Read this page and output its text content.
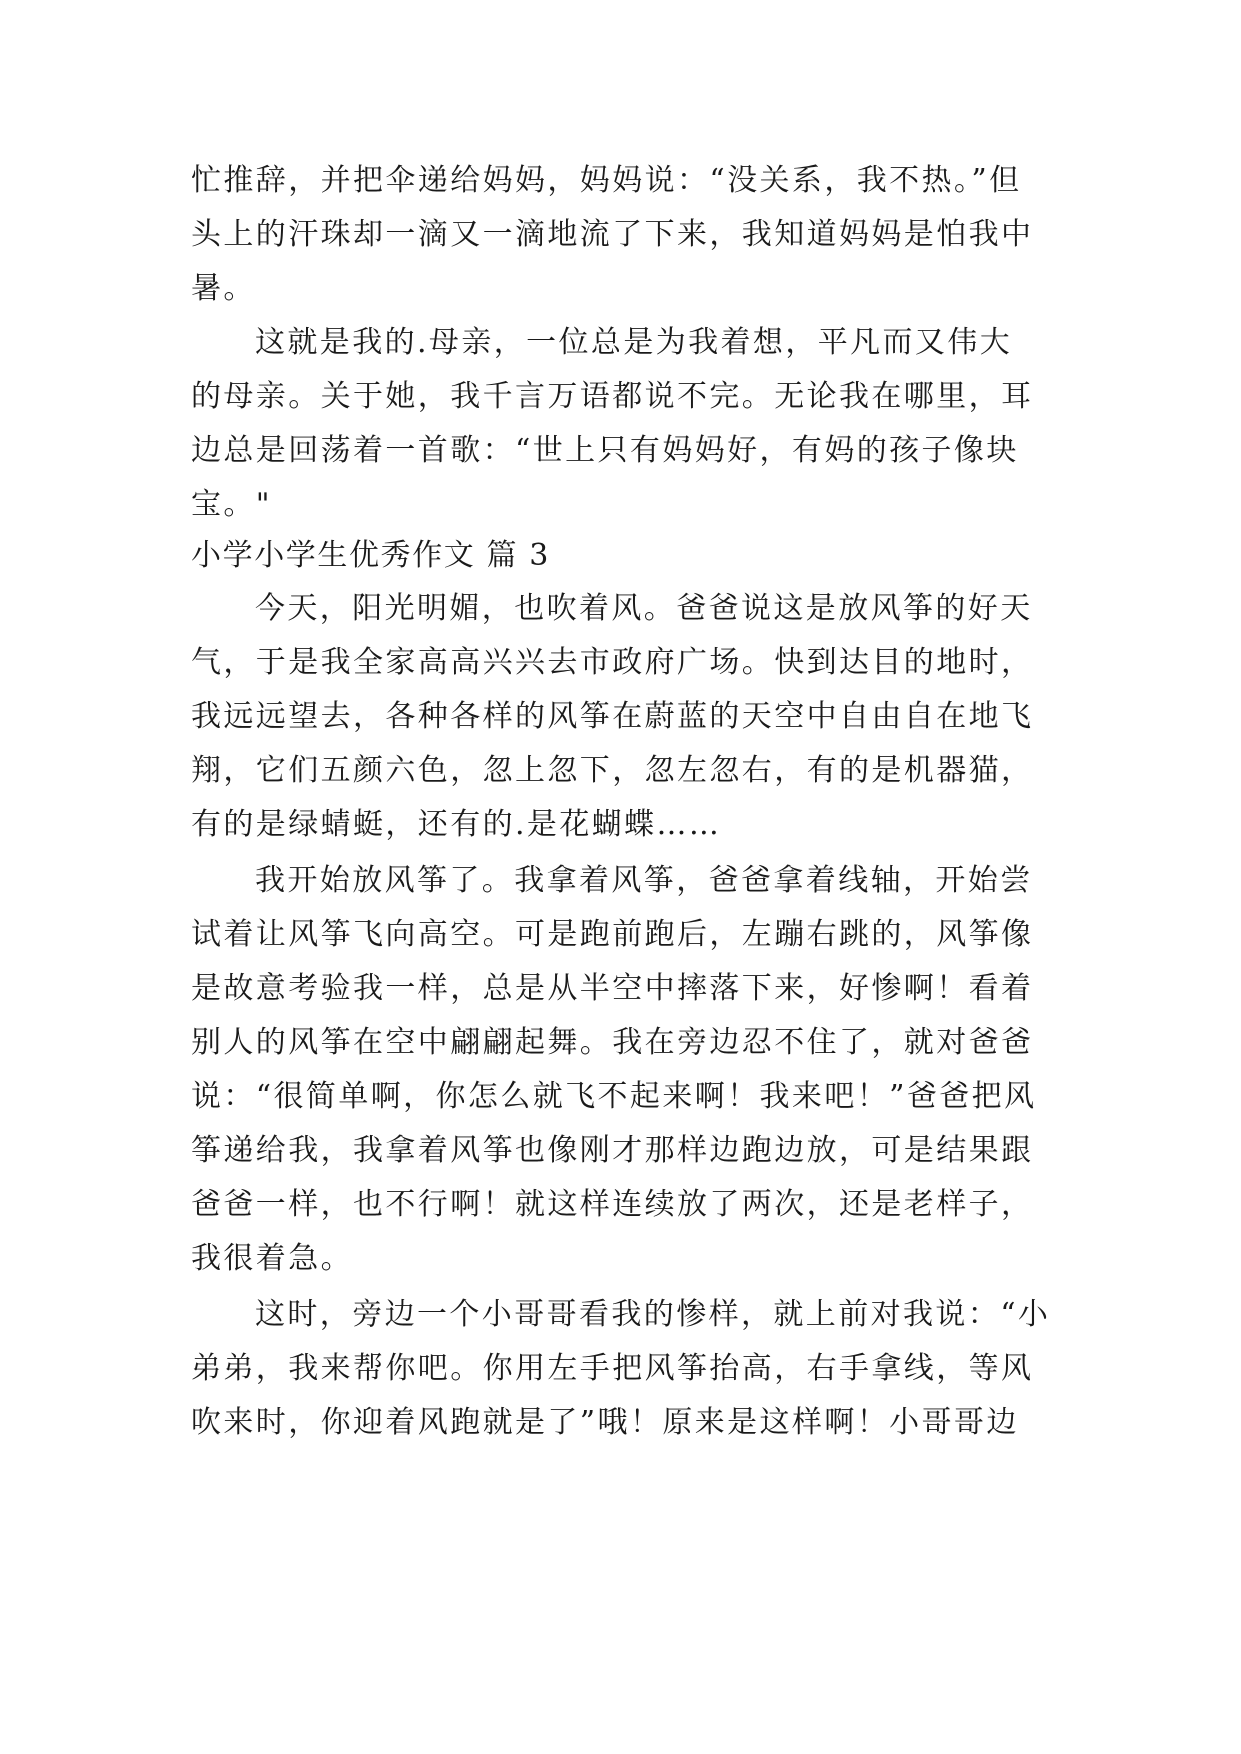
忙推辞，并把伞递给妈妈，妈妈说：“没关系，我不热。”但
头上的汗珠却一滴又一滴地流了下来，我知道妈妈是怕我中
暑。
这就是我的.母亲，一位总是为我着想，平凡而又伟大
的母亲。关于她，我千言万语都说不完。无论我在哪里，耳
边总是回荡着一首歌：“世上只有妈妈好，有妈的孩子像块
宝。"
小学小学生优秀作文 篇 3
今天，阳光明媚，也吹着风。爸爸说这是放风筝的好天
气，于是我全家高高兴兴去市政府广场。快到达目的地时，
我远远望去，各种各样的风筝在蔚蓝的天空中自由自在地飞
翔，它们五颜六色，忽上忽下，忽左忽右，有的是机器猫，
有的是绿蜻蜓，还有的.是花蝴蝶……
我开始放风筝了。我拿着风筝，爸爸拿着线轴，开始尝
试着让风筝飞向高空。可是跑前跑后，左蹦右跳的，风筝像
是故意考验我一样，总是从半空中摔落下来，好惨啊！看着
别人的风筝在空中翩翩起舞。我在旁边忍不住了，就对爸爸
说：“很简单啊，你怎么就飞不起来啊！我来吧！”爸爸把风
筝递给我，我拿着风筝也像刚才那样边跑边放，可是结果跟
爸爸一样，也不行啊！就这样连续放了两次，还是老样子，
我很着急。
这时，旁边一个小哥哥看我的惨样，就上前对我说：“小
弟弟，我来帮你吧。你用左手把风筝抬高，右手拿线，等风
吹来时，你迎着风跑就是了”哦！原来是这样啊！小哥哥边
